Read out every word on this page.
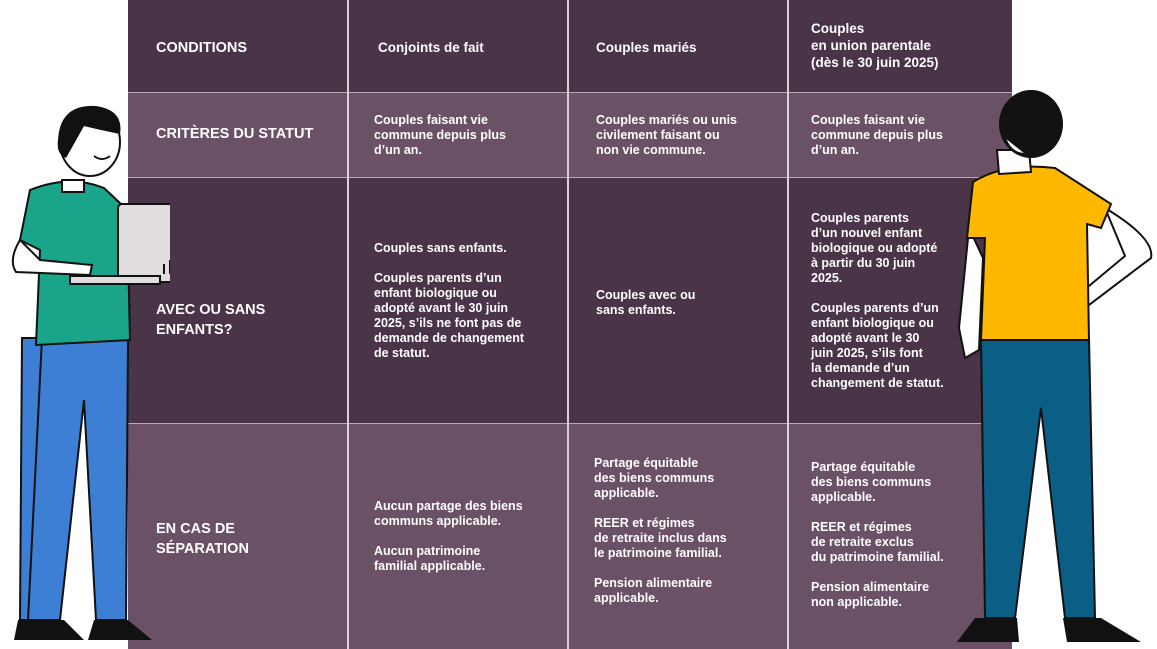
CONDITIONS	Conjoints de fait	Couples mariés
Couples
en union parentale
(dès le 30 juin 2025)
CRITÈRES DU STATUT
Couples faisant vie
commune depuis plus
d’un an.
Couples mariés ou unis
civilement faisant ou
non vie commune.
Couples faisant vie
commune depuis plus
d’un an.
AVEC OU SANS
ENFANTS?
Couples sans enfants.

Couples parents d’un
enfant biologique ou
adopté avant le 30 juin
2025, s’ils ne font pas de
demande de changement
de statut.
Couples avec ou
sans enfants.
Couples parents
d’un nouvel enfant
biologique ou adopté
à partir du 30 juin
2025.

Couples parents d’un
enfant biologique ou
adopté avant le 30
juin 2025, s’ils font
la demande d’un
changement de statut.
EN CAS DE
SÉPARATION
Aucun partage des biens
communs applicable.

Aucun patrimoine
familial applicable.
Partage équitable
des biens communs
applicable.

REER et régimes
de retraite inclus dans
le patrimoine familial.

Pension alimentaire
applicable.
Partage équitable
des biens communs
applicable.

REER et régimes
de retraite exclus
du patrimoine familial.

Pension alimentaire
non applicable.
